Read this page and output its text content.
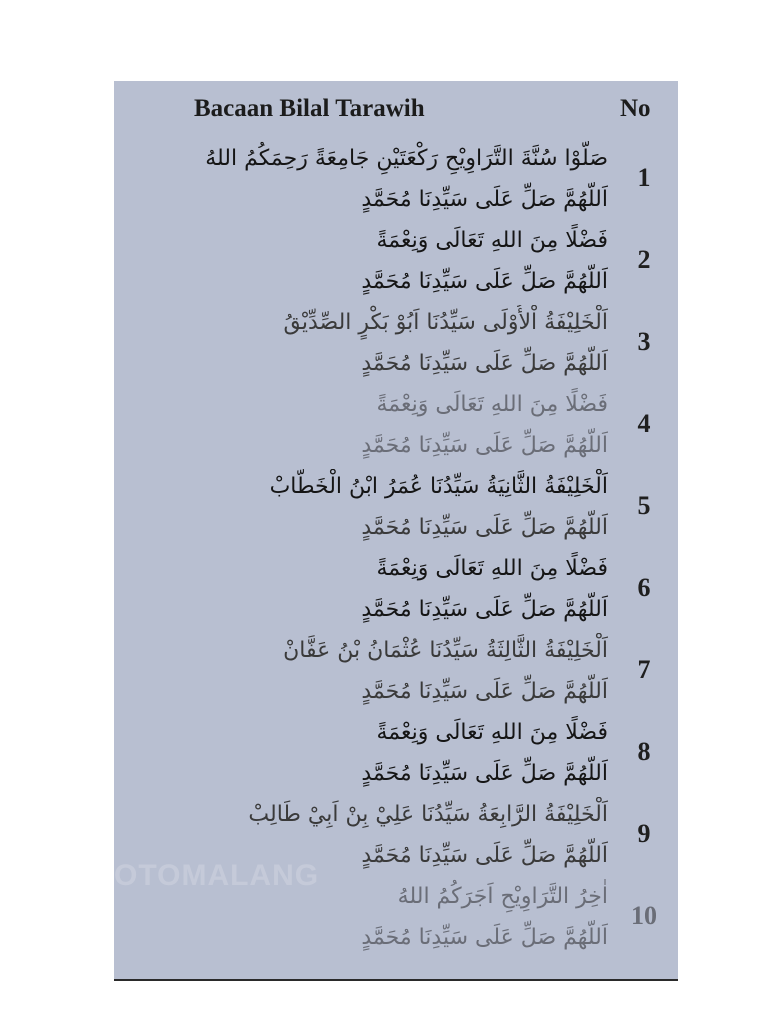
Bacaan Bilal Tarawih	No
OTOMALANG
صَلُّوْا سُنَّةَ التَّرَاوِيْحِ رَكْعَتَيْنِ جَامِعَةً رَحِمَكُمُ اللهُ
اَللَّهُمَّ صَلِّ عَلَى سَيِّدِنَا مُحَمَّدٍ
1
فَضْلًا مِنَ اللهِ تَعَالَى وَنِعْمَةً
اَللَّهُمَّ صَلِّ عَلَى سَيِّدِنَا مُحَمَّدٍ
2
اَلْخَلِيْفَةُ اْلأُوْلَى سَيِّدُنَا اَبُوْ بَكْرٍ الصِّدِّيْقُ
اَللَّهُمَّ صَلِّ عَلَى سَيِّدِنَا مُحَمَّدٍ
3
فَضْلًا مِنَ اللهِ تَعَالَى وَنِعْمَةً
اَللَّهُمَّ صَلِّ عَلَى سَيِّدِنَا مُحَمَّدٍ
4
اَلْخَلِيْفَةُ الثَّانِيَةُ سَيِّدُنَا عُمَرُ ابْنُ الْخَطَّابْ
اَللَّهُمَّ صَلِّ عَلَى سَيِّدِنَا مُحَمَّدٍ
5
فَضْلًا مِنَ اللهِ تَعَالَى وَنِعْمَةً
اَللَّهُمَّ صَلِّ عَلَى سَيِّدِنَا مُحَمَّدٍ
6
اَلْخَلِيْفَةُ الثَّالِثَةُ سَيِّدُنَا عُثْمَانُ بْنُ عَفَّانْ
اَللَّهُمَّ صَلِّ عَلَى سَيِّدِنَا مُحَمَّدٍ
7
فَضْلًا مِنَ اللهِ تَعَالَى وَنِعْمَةً
اَللَّهُمَّ صَلِّ عَلَى سَيِّدِنَا مُحَمَّدٍ
8
اَلْخَلِيْفَةُ الرَّابِعَةُ سَيِّدُنَا عَلِيْ بِنْ اَبِيْ طَالِبْ
اَللَّهُمَّ صَلِّ عَلَى سَيِّدِنَا مُحَمَّدٍ
9
اٰخِرُ التَّرَاوِيْحِ اَجَرَكُمُ اللهُ
اَللَّهُمَّ صَلِّ عَلَى سَيِّدِنَا مُحَمَّدٍ
10
